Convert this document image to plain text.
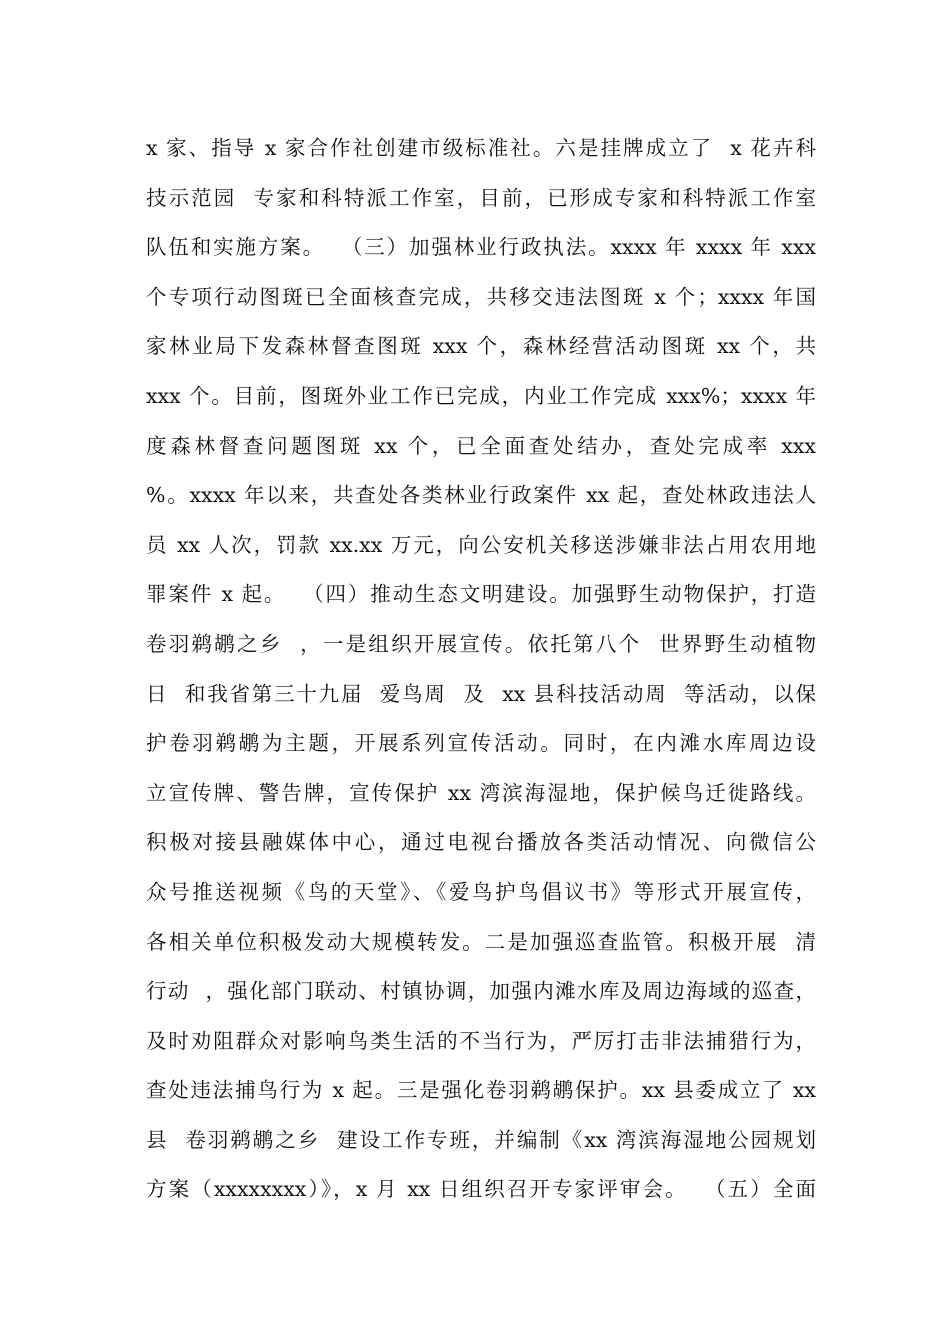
x 家、指导 x 家合作社创建市级标准社。六是挂牌成立了  x 花卉科
技示范园  专家和科特派工作室，目前，已形成专家和科特派工作室
队伍和实施方案。  （三）加强林业行政执法。xxxx 年 xxxx 年 xxx
个专项行动图斑已全面核查完成，共移交违法图斑 x 个；xxxx 年国
家林业局下发森林督查图斑 xxx 个，森林经营活动图斑 xx 个，共
xxx 个。目前，图斑外业工作已完成，内业工作完成 xxx%；xxxx 年
度森林督查问题图斑 xx 个，已全面查处结办，查处完成率 xxx
%。xxxx 年以来，共查处各类林业行政案件 xx 起，查处林政违法人
员 xx 人次，罚款 xx.xx 万元，向公安机关移送涉嫌非法占用农用地
罪案件 x 起。  （四）推动生态文明建设。加强野生动物保护，打造
卷羽鹈鹕之乡  ，一是组织开展宣传。依托第八个  世界野生动植物
日  和我省第三十九届  爱鸟周  及  xx 县科技活动周  等活动，以保
护卷羽鹈鹕为主题，开展系列宣传活动。同时，在内滩水库周边设
立宣传牌、警告牌，宣传保护 xx 湾滨海湿地，保护候鸟迁徙路线。
积极对接县融媒体中心，通过电视台播放各类活动情况、向微信公
众号推送视频《鸟的天堂》、《爱鸟护鸟倡议书》等形式开展宣传，
各相关单位积极发动大规模转发。二是加强巡查监管。积极开展  清
行动  ，强化部门联动、村镇协调，加强内滩水库及周边海域的巡查，
及时劝阻群众对影响鸟类生活的不当行为，严厉打击非法捕猎行为，
查处违法捕鸟行为 x 起。三是强化卷羽鹈鹕保护。xx 县委成立了 xx
县  卷羽鹈鹕之乡  建设工作专班，并编制《xx 湾滨海湿地公园规划
方案（xxxxxxxx）》，x 月 xx 日组织召开专家评审会。  （五）全面
